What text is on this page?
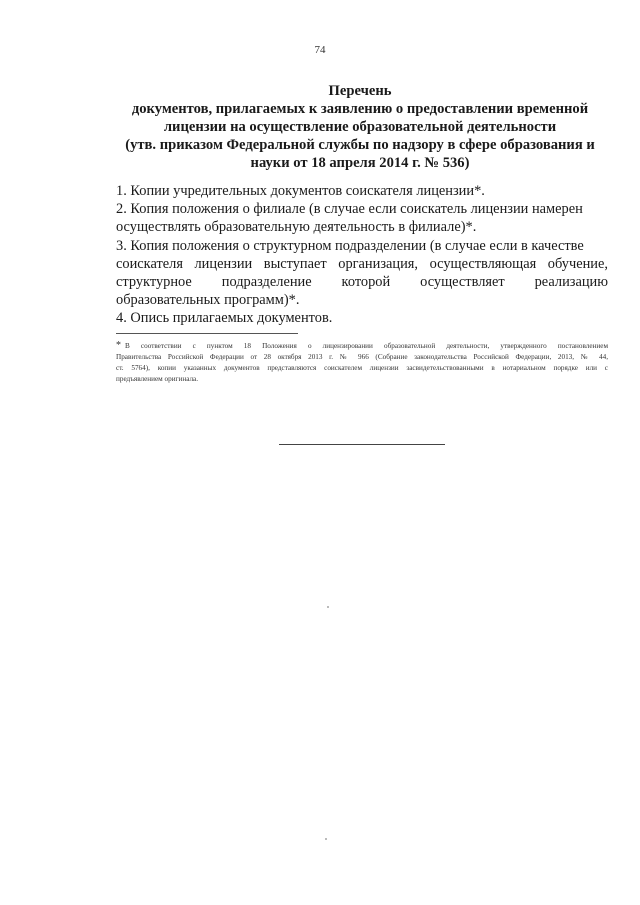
74
Перечень
документов, прилагаемых к заявлению о предоставлении временной
лицензии на осуществление образовательной деятельности
(утв. приказом Федеральной службы по надзору в сфере образования и
науки от 18 апреля 2014 г. № 536)
1. Копии учредительных документов соискателя лицензии*.
2. Копия положения о филиале (в случае если соискатель лицензии намерен
осуществлять образовательную деятельность в филиале)*.
3. Копия положения о структурном подразделении (в случае если в качестве
соискателя лицензии выступает организация, осуществляющая обучение,
структурное подразделение которой осуществляет реализацию
образовательных программ)*.
4. Опись прилагаемых документов.
* В соответствии с пунктом 18 Положения о лицензировании образовательной деятельности, утвержденного постановлением
Правительства Российской Федерации от 28 октября 2013 г. № 966 (Собрание законодательства Российской Федерации, 2013, № 44,
ст. 5764), копии указанных документов представляются соискателем лицензии засвидетельствованными в нотариальном порядке или с
предъявлением оригинала.
